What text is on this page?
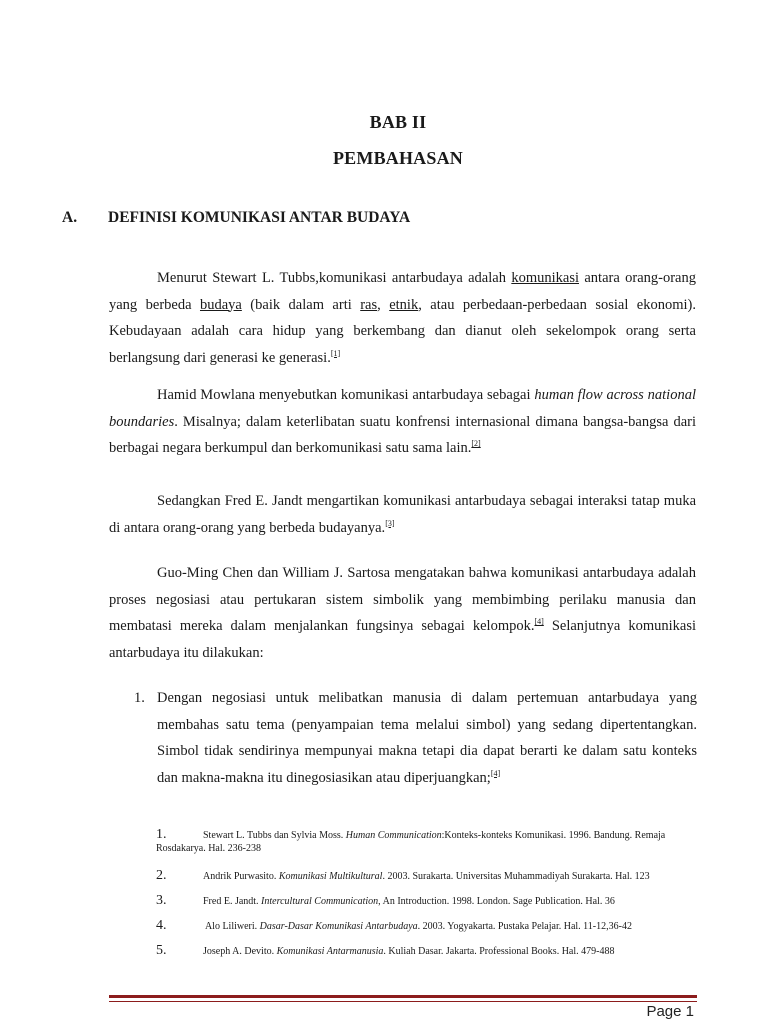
BAB II
PEMBAHASAN
A. DEFINISI KOMUNIKASI ANTAR BUDAYA

Menurut Stewart L. Tubbs,komunikasi antarbudaya adalah komunikasi antara orang-orang yang berbeda budaya (baik dalam arti ras, etnik, atau perbedaan-perbedaan sosial ekonomi). Kebudayaan adalah cara hidup yang berkembang dan dianut oleh sekelompok orang serta berlangsung dari generasi ke generasi.[1]

Hamid Mowlana menyebutkan komunikasi antarbudaya sebagai human flow across national boundaries. Misalnya; dalam keterlibatan suatu konfrensi internasional dimana bangsa-bangsa dari berbagai negara berkumpul dan berkomunikasi satu sama lain.[2]

Sedangkan Fred E. Jandt mengartikan komunikasi antarbudaya sebagai interaksi tatap muka di antara orang-orang yang berbeda budayanya.[3]

Guo-Ming Chen dan William J. Sartosa mengatakan bahwa komunikasi antarbudaya adalah proses negosiasi atau pertukaran sistem simbolik yang membimbing perilaku manusia dan membatasi mereka dalam menjalankan fungsinya sebagai kelompok.[4] Selanjutnya komunikasi antarbudaya itu dilakukan:

1. Dengan negosiasi untuk melibatkan manusia di dalam pertemuan antarbudaya yang membahas satu tema (penyampaian tema melalui simbol) yang sedang dipertentangkan. Simbol tidak sendirinya mempunyai makna tetapi dia dapat berarti ke dalam satu konteks dan makna-makna itu dinegosiasikan atau diperjuangkan;[4]
1.	Stewart L. Tubbs dan Sylvia Moss. Human Communication:Konteks-konteks Komunikasi. 1996. Bandung. Remaja Rosdakarya. Hal. 236-238
2.	Andrik Purwasito. Komunikasi Multikultural. 2003. Surakarta. Universitas Muhammadiyah Surakarta. Hal. 123
3.	Fred E. Jandt. Intercultural Communication, An Introduction. 1998. London. Sage Publication. Hal. 36
4.	Alo Liliweri. Dasar-Dasar Komunikasi Antarbudaya. 2003. Yogyakarta. Pustaka Pelajar. Hal. 11-12,36-42
5.	Joseph A. Devito. Komunikasi Antarmanusia. Kuliah Dasar. Jakarta. Professional Books. Hal. 479-488
Page 1
